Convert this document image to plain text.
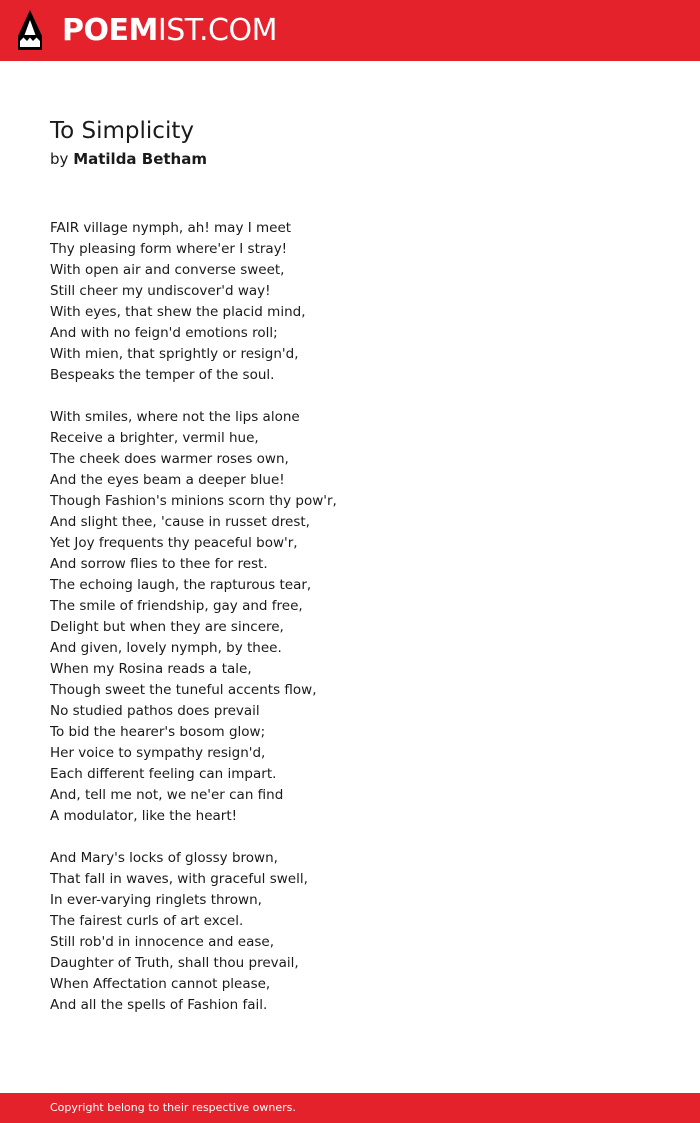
POEMIST.COM
To Simplicity
by Matilda Betham
FAIR village nymph, ah! may I meet
Thy pleasing form where'er I stray!
With open air and converse sweet,
Still cheer my undiscover'd way!
With eyes, that shew the placid mind,
And with no feign'd emotions roll;
With mien, that sprightly or resign'd,
Bespeaks the temper of the soul.
With smiles, where not the lips alone
Receive a brighter, vermil hue,
The cheek does warmer roses own,
And the eyes beam a deeper blue!
Though Fashion's minions scorn thy pow'r,
And slight thee, 'cause in russet drest,
Yet Joy frequents thy peaceful bow'r,
And sorrow flies to thee for rest.
The echoing laugh, the rapturous tear,
The smile of friendship, gay and free,
Delight but when they are sincere,
And given, lovely nymph, by thee.
When my Rosina reads a tale,
Though sweet the tuneful accents flow,
No studied pathos does prevail
To bid the hearer's bosom glow;
Her voice to sympathy resign'd,
Each different feeling can impart.
And, tell me not, we ne'er can find
A modulator, like the heart!
And Mary's locks of glossy brown,
That fall in waves, with graceful swell,
In ever-varying ringlets thrown,
The fairest curls of art excel.
Still rob'd in innocence and ease,
Daughter of Truth, shall thou prevail,
When Affectation cannot please,
And all the spells of Fashion fail.
Copyright belong to their respective owners.
